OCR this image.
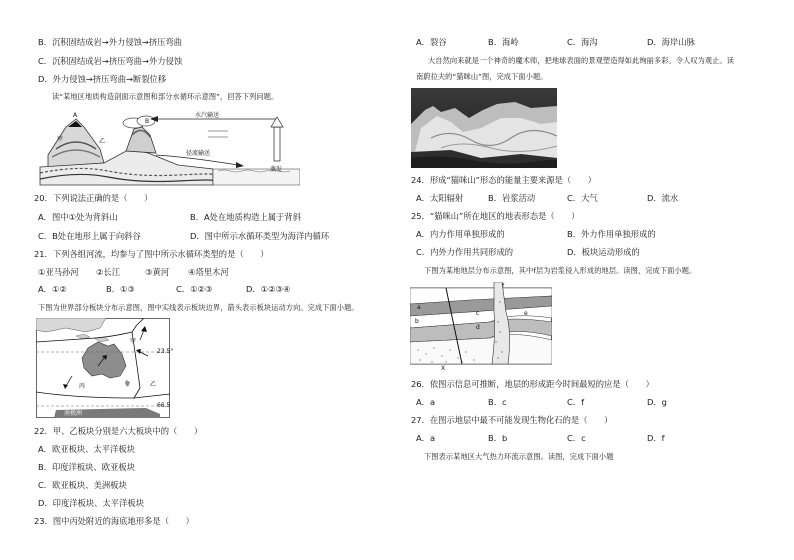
B．沉积固结成岩→外力侵蚀→挤压弯曲
C．沉积固结成岩→挤压弯曲→外力侵蚀
D．外力侵蚀→挤压弯曲→断裂位移
读“某地区地质构造剖面示意图和部分水循环示意图”，回答下列问题。
A
B
甲	乙
水汽输送
径流输送
蒸发
20．下列说法正确的是（　　）
A．图中①处为背斜山	B．A处在地质构造上属于背斜
C．B处在地形上属于向斜谷	D．图中所示水循环类型为海洋内循环
21．下列各组河流，均参与了图中所示水循环类型的是（　　）
①亚马孙河 ②长江	③黄河 ④塔里木河
A．①②	B．①③	C．①②③	D．①②③④
下图为世界部分板块分布示意图，图中实线表示板块边界，箭头表示板块运动方向。完成下面小题。
23.5°
66.5
甲
乙
丙
南极洲
22．甲、乙板块分别是六大板块中的（　　）
A．欧亚板块、太平洋板块
B．印度洋板块、欧亚板块
C．欧亚板块、美洲板块
D．印度洋板块、太平洋板块
23．图中丙处附近的海底地形多是（　　）
A．裂谷	B．海岭	C．海沟	D．海岸山脉
大自然向来就是一个神奇的魔术师，把地球表面的景观塑造得如此绚丽多彩。令人叹为观止。读
南蔚拉夫的“猫咪山”图，完成下面小题。
24．形成“猫咪山”形态的能量主要来源是（　　）
A．太阳辐射	B．岩浆活动	C．大气	D．流水
25．“猫咪山”所在地区的地表形态是（　　）
A．内力作用单独形成的	B．外力作用单独形成的
C．内外力作用共同形成的	D．板块运动形成的
下图为某地地层分布示意图，其中f层为岩浆侵入形成的地层。读图，完成下面小题。
a
b
c
d
e
f
X
26．依图示信息可推断，地层的形成距今时间最短的应是（　　）
A．a	B．c	C．f	D．g
27．在图示地层中最不可能发现生物化石的是（　　）
A．a	B．b	C．c	D．f
下图表示某地区大气热力环流示意图。读图，完成下面小题
